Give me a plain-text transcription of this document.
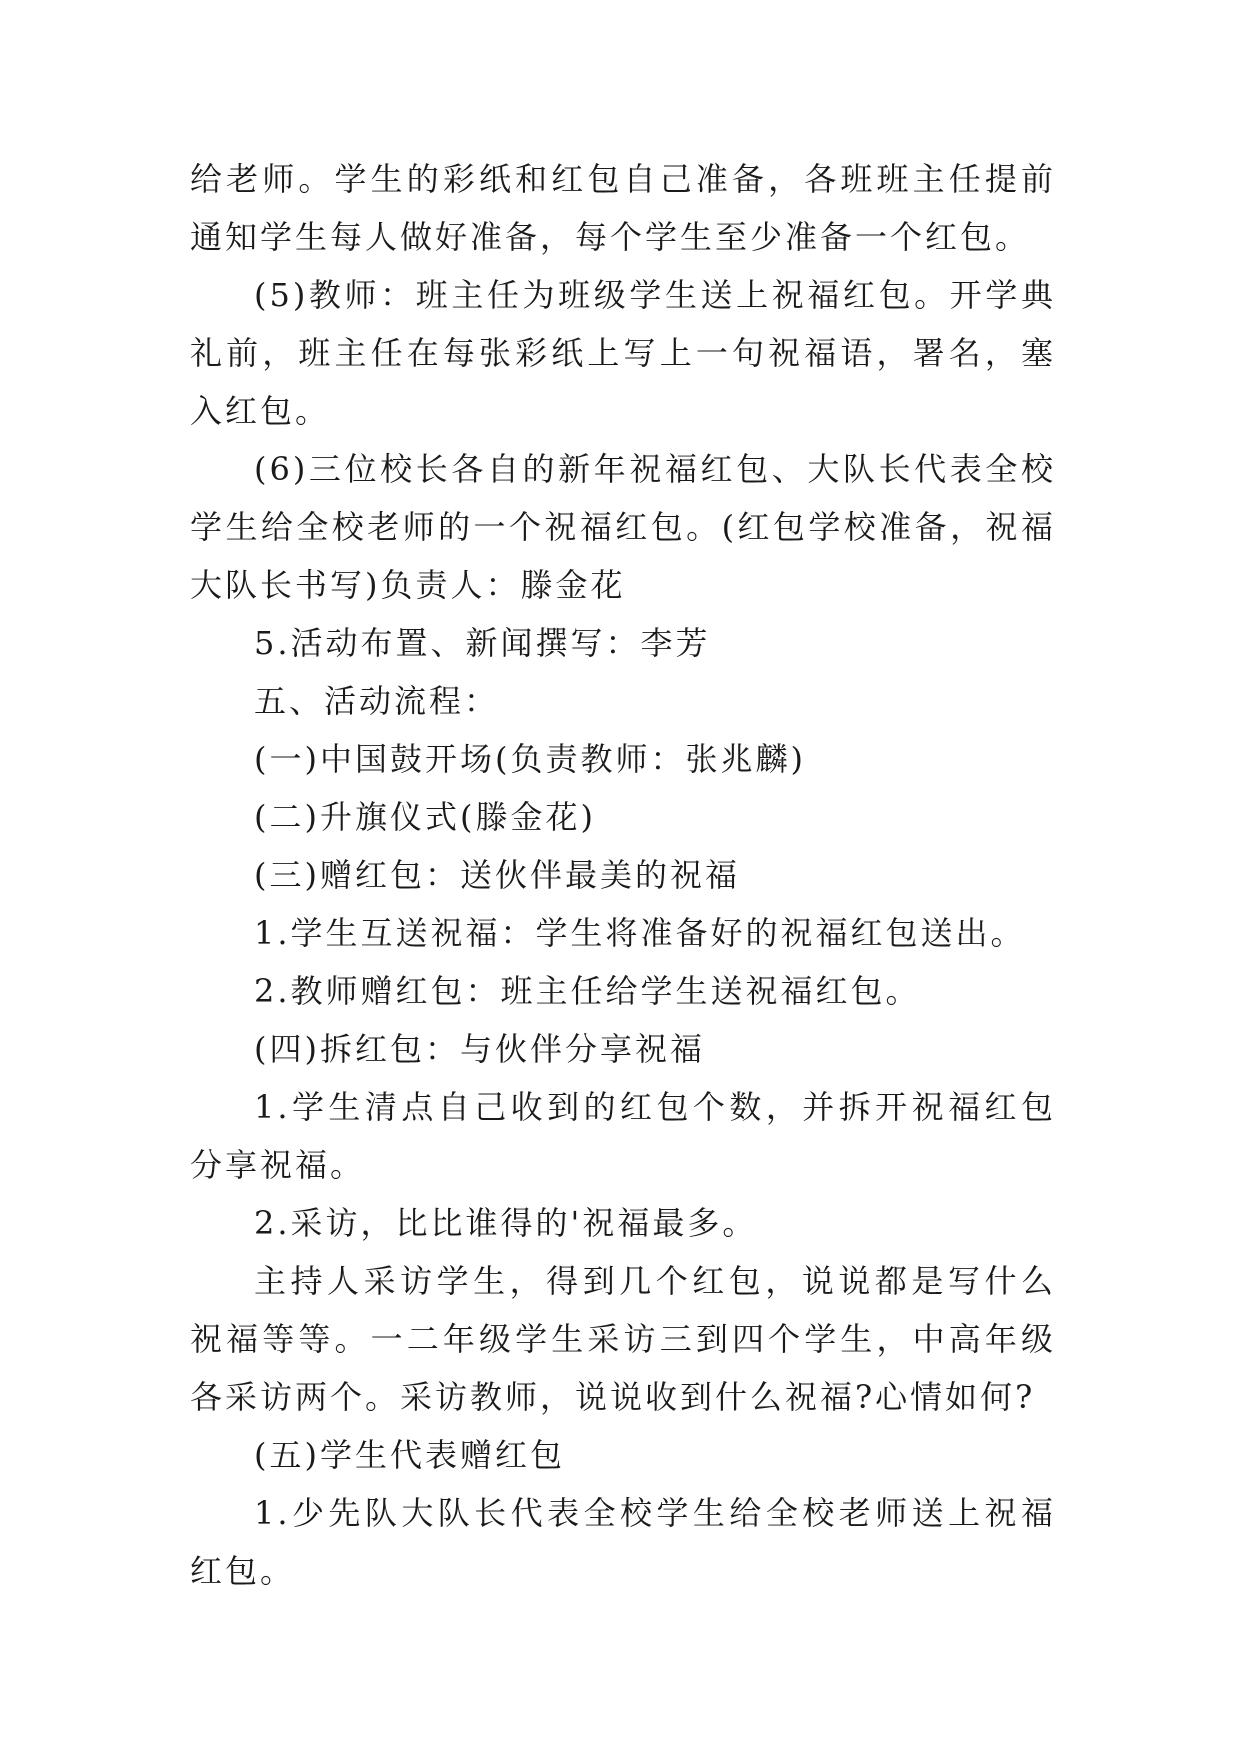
给老师。学生的彩纸和红包自己准备，各班班主任提前通知学生每人做好准备，每个学生至少准备一个红包。

(5)教师：班主任为班级学生送上祝福红包。开学典礼前，班主任在每张彩纸上写上一句祝福语，署名，塞入红包。

(6)三位校长各自的新年祝福红包、大队长代表全校学生给全校老师的一个祝福红包。(红包学校准备，祝福大队长书写)负责人：滕金花

5.活动布置、新闻撰写：李芳

五、活动流程：

(一)中国鼓开场(负责教师：张兆麟)

(二)升旗仪式(滕金花)

(三)赠红包：送伙伴最美的祝福

1.学生互送祝福：学生将准备好的祝福红包送出。

2.教师赠红包：班主任给学生送祝福红包。

(四)拆红包：与伙伴分享祝福

1.学生清点自己收到的红包个数，并拆开祝福红包分享祝福。

2.采访，比比谁得的'祝福最多。

主持人采访学生，得到几个红包，说说都是写什么祝福等等。一二年级学生采访三到四个学生，中高年级各采访两个。采访教师，说说收到什么祝福?心情如何?

(五)学生代表赠红包

1.少先队大队长代表全校学生给全校老师送上祝福红包。
